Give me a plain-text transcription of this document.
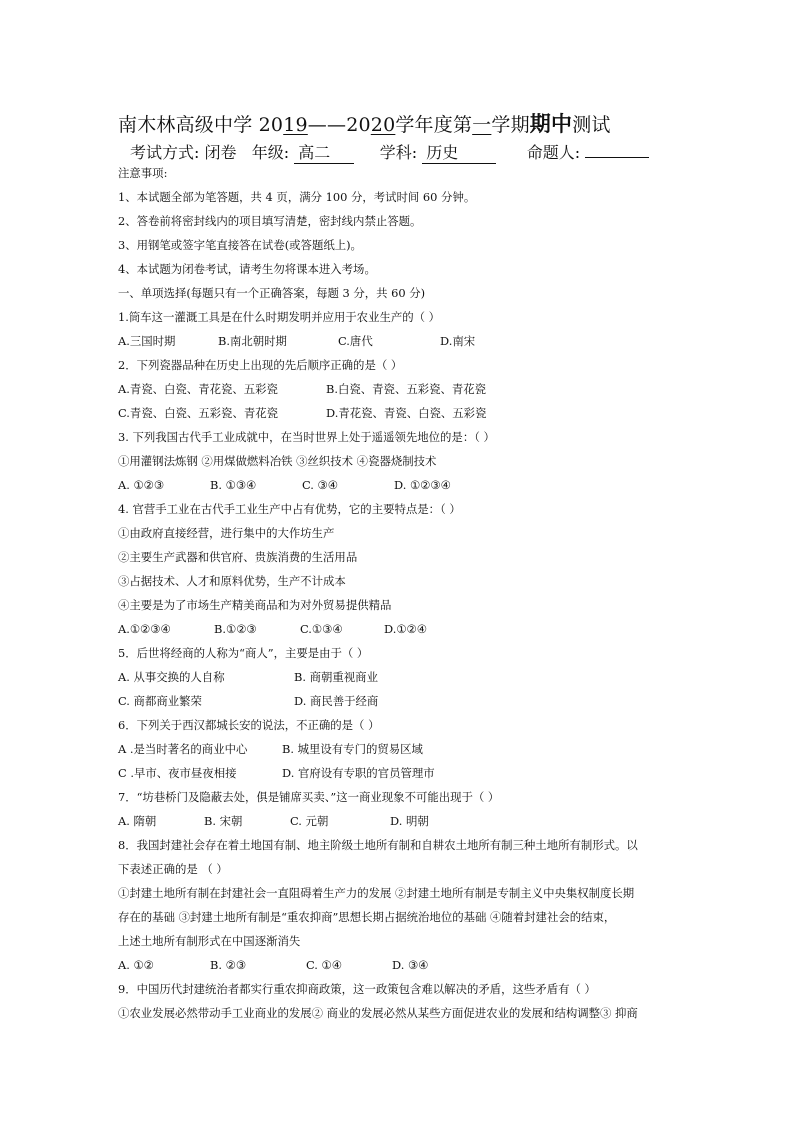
南木林高级中学 2019——2020学年度第一学期期中测试
考试方式: 闭卷 年级: 高二	学科: 历史	命题人:
注意事项:
1、本试题全部为笔答题，共 4 页，满分 100 分，考试时间 60 分钟。
2、答卷前将密封线内的项目填写清楚，密封线内禁止答题。
3、用钢笔或签字笔直接答在试卷(或答题纸上)。
4、本试题为闭卷考试，请考生勿将课本进入考场。
一、单项选择(每题只有一个正确答案，每题 3 分，共 60 分)
1.筒车这一灌溉工具是在什么时期发明并应用于农业生产的（ ）
A.三国时期	B.南北朝时期	C.唐代	D.南宋
2．下列瓷器品种在历史上出现的先后顺序正确的是（ ）
A.青瓷、白瓷、青花瓷、五彩瓷	B.白瓷、青瓷、五彩瓷、青花瓷
C.青瓷、白瓷、五彩瓷、青花瓷	D.青花瓷、青瓷、白瓷、五彩瓷
3. 下列我国古代手工业成就中，在当时世界上处于遥遥领先地位的是：（ ）
①用灌钢法炼钢 ②用煤做燃料冶铁 ③丝织技术 ④瓷器烧制技术
A. ①②③	B. ①③④	C. ③④	D. ①②③④
4. 官营手工业在古代手工业生产中占有优势，它的主要特点是：（ ）
①由政府直接经营，进行集中的大作坊生产
②主要生产武器和供官府、贵族消费的生活用品
③占据技术、人才和原料优势，生产不计成本
④主要是为了市场生产精美商品和为对外贸易提供精品
A.①②③④	B.①②③	C.①③④	D.①②④
5．后世将经商的人称为“商人”，主要是由于（ ）
A. 从事交换的人自称	B. 商朝重视商业
C. 商都商业繁荣	D. 商民善于经商
6．下列关于西汉都城长安的说法，不正确的是（ ）
A .是当时著名的商业中心	B. 城里设有专门的贸易区域
C .早市、夜市昼夜相接	D. 官府设有专职的官员管理市
7．“坊巷桥门及隐蔽去处，俱是铺席买卖、”这一商业现象不可能出现于（ ）
A. 隋朝	B. 宋朝	C. 元朝	D. 明朝
8．我国封建社会存在着土地国有制、地主阶级土地所有制和自耕农土地所有制三种土地所有制形式。以
下表述正确的是 （ ）
①封建土地所有制在封建社会一直阻碍着生产力的发展 ②封建土地所有制是专制主义中央集权制度长期
存在的基础 ③封建土地所有制是“重农抑商”思想长期占据统治地位的基础 ④随着封建社会的结束，
上述土地所有制形式在中国逐渐消失
A. ①②	B. ②③	C. ①④	D. ③④
9．中国历代封建统治者都实行重农抑商政策，这一政策包含难以解决的矛盾，这些矛盾有（ ）
①农业发展必然带动手工业商业的发展② 商业的发展必然从某些方面促进农业的发展和结构调整③ 抑商
